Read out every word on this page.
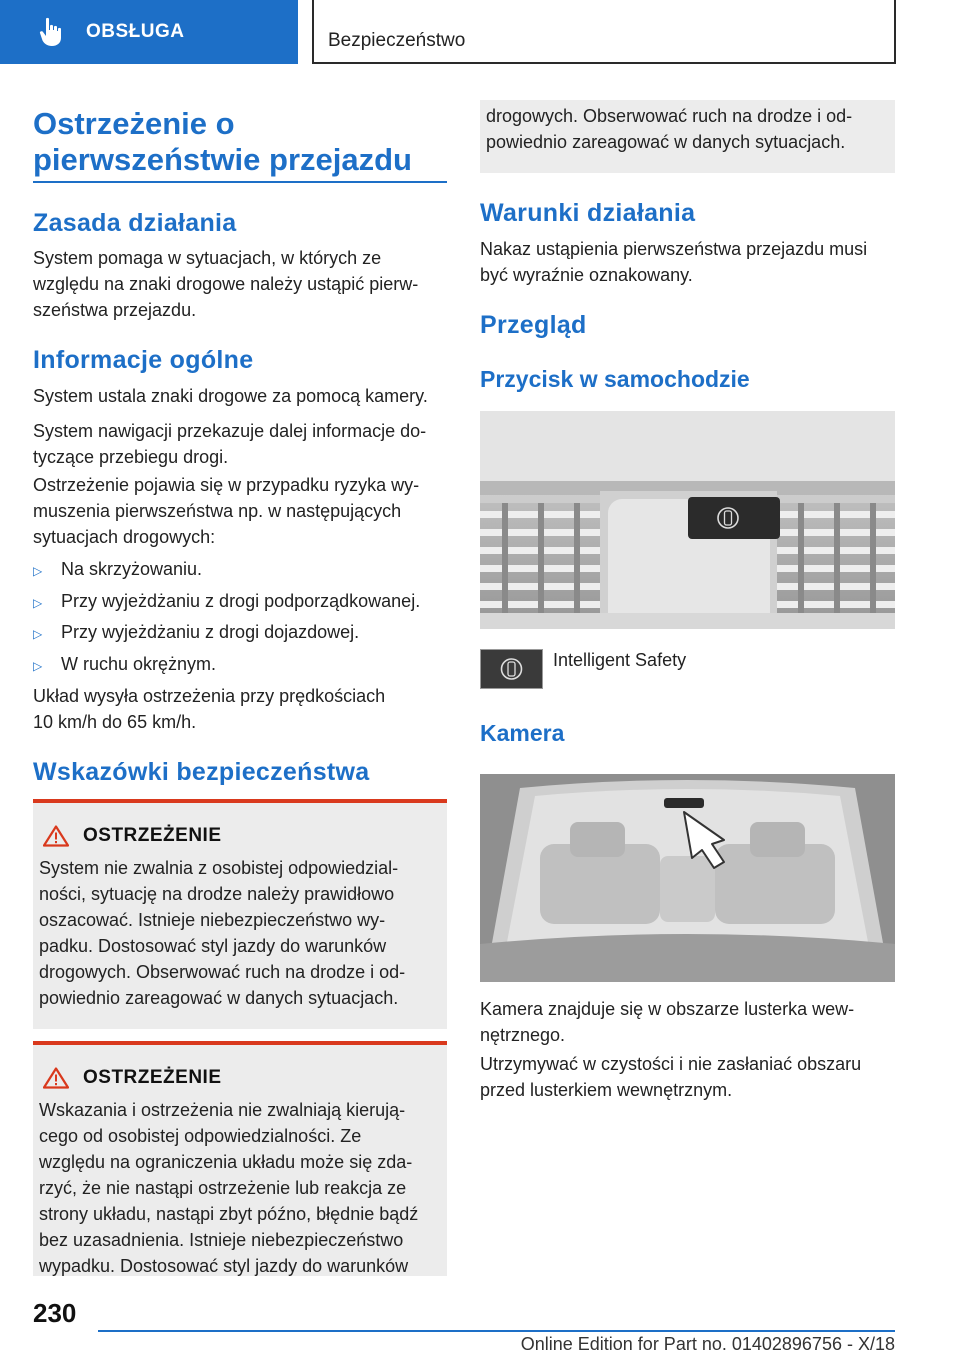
OBSŁUGA	Bezpieczeństwo
Ostrzeżenie o
pierwszeństwie przejazdu
Zasada działania
System pomaga w sytuacjach, w których ze
względu na znaki drogowe należy ustąpić pierw-
szeństwa przejazdu.
Informacje ogólne
System ustala znaki drogowe za pomocą kamery.
System nawigacji przekazuje dalej informacje do-
tyczące przebiegu drogi.
Ostrzeżenie pojawia się w przypadku ryzyka wy-
muszenia pierwszeństwa np. w następujących
sytuacjach drogowych:
▷	Na skrzyżowaniu.
▷	Przy wyjeżdżaniu z drogi podporządkowanej.
▷	Przy wyjeżdżaniu z drogi dojazdowej.
▷	W ruchu okrężnym.
Układ wysyła ostrzeżenia przy prędkościach
10 km/h do 65 km/h.
Wskazówki bezpieczeństwa
OSTRZEŻENIE
System nie zwalnia z osobistej odpowiedzial-
ności, sytuację na drodze należy prawidłowo
oszacować. Istnieje niebezpieczeństwo wy-
padku. Dostosować styl jazdy do warunków
drogowych. Obserwować ruch na drodze i od-
powiednio zareagować w danych sytuacjach.
OSTRZEŻENIE
Wskazania i ostrzeżenia nie zwalniają kierują-
cego od osobistej odpowiedzialności. Ze
względu na ograniczenia układu może się zda-
rzyć, że nie nastąpi ostrzeżenie lub reakcja ze
strony układu, nastąpi zbyt późno, błędnie bądź
bez uzasadnienia. Istnieje niebezpieczeństwo
wypadku. Dostosować styl jazdy do warunków
drogowych. Obserwować ruch na drodze i od-
powiednio zareagować w danych sytuacjach.
Warunki działania
Nakaz ustąpienia pierwszeństwa przejazdu musi
być wyraźnie oznakowany.
Przegląd
Przycisk w samochodzie
Intelligent Safety
Kamera
Kamera znajduje się w obszarze lusterka wew-
nętrznego.
Utrzymywać w czystości i nie zasłaniać obszaru
przed lusterkiem wewnętrznym.
230
Online Edition for Part no. 01402896756 - X/18
